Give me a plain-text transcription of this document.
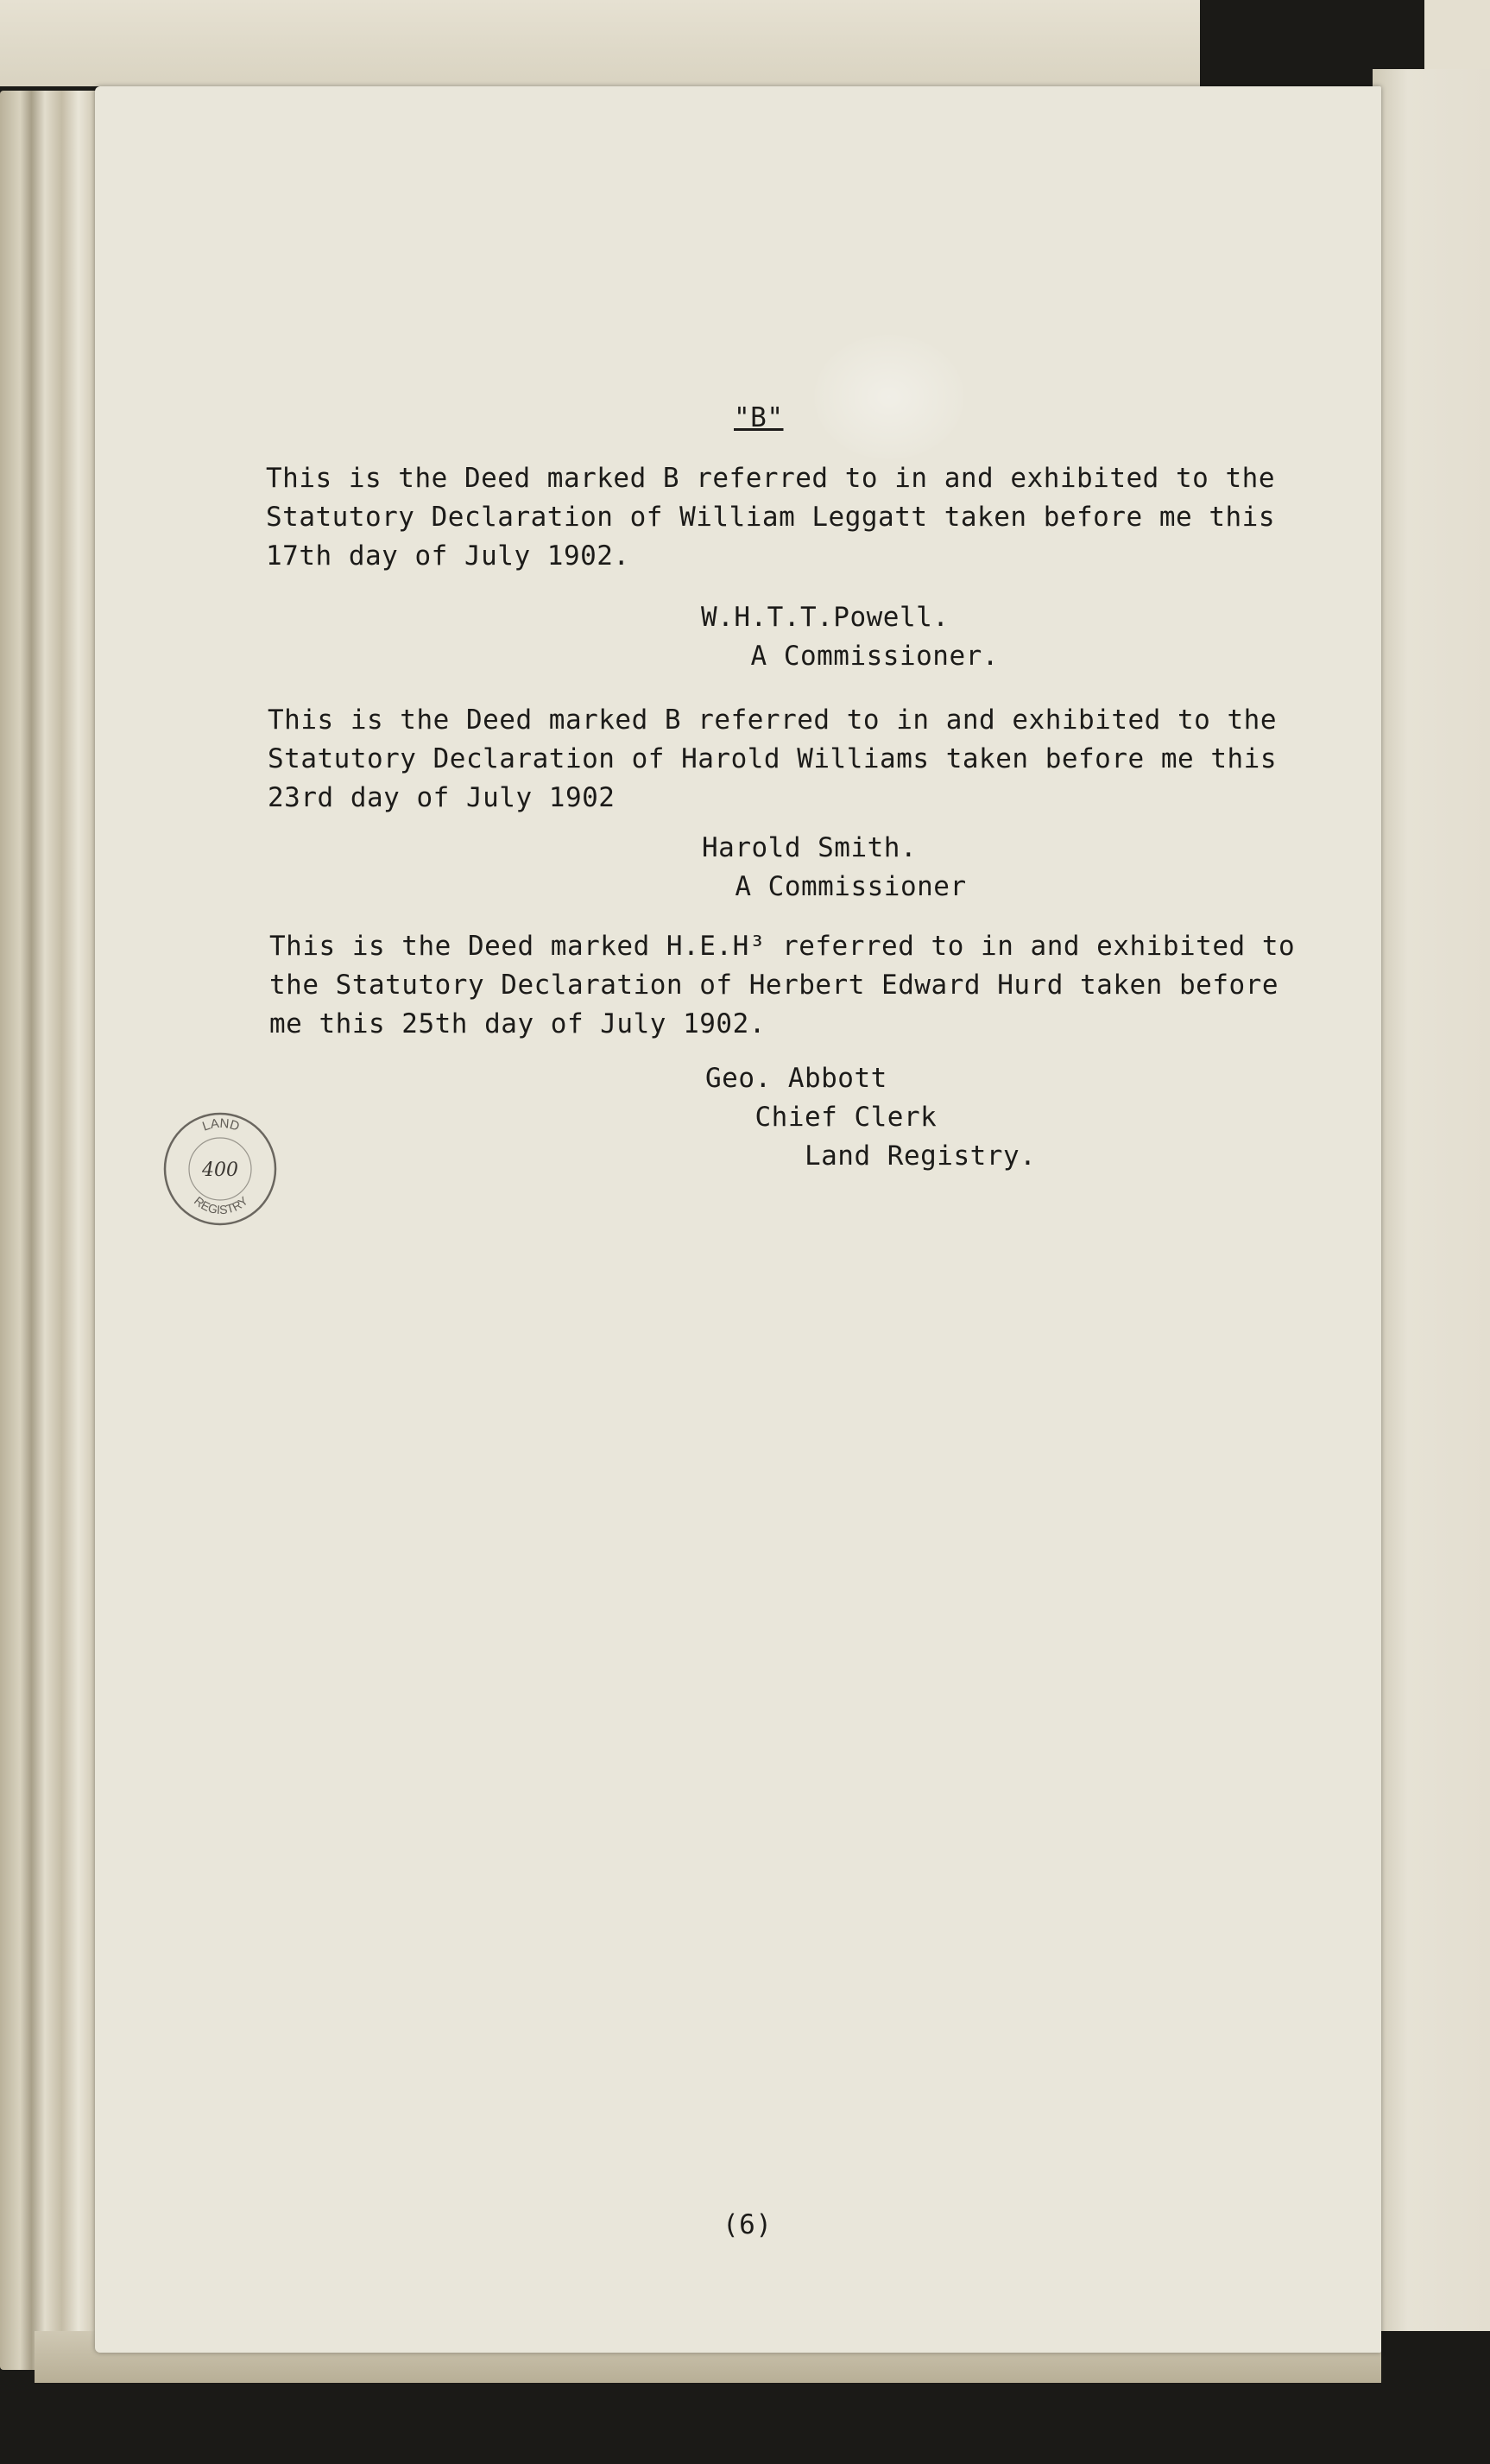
"B"
This is the Deed marked B referred to in and exhibited to the
Statutory Declaration of William Leggatt taken before me this
17th day of July 1902.
W.H.T.T.Powell.
A Commissioner.
This is the Deed marked B referred to in and exhibited to the
Statutory Declaration of Harold Williams taken before me this
23rd day of July 1902
Harold Smith.
A Commissioner
This is the Deed marked H.E.H³ referred to in and exhibited to
the Statutory Declaration of Herbert Edward Hurd taken before
me this 25th day of July 1902.
Geo. Abbott
Chief Clerk
Land Registry.
LAND
REGISTRY
400
(6)
